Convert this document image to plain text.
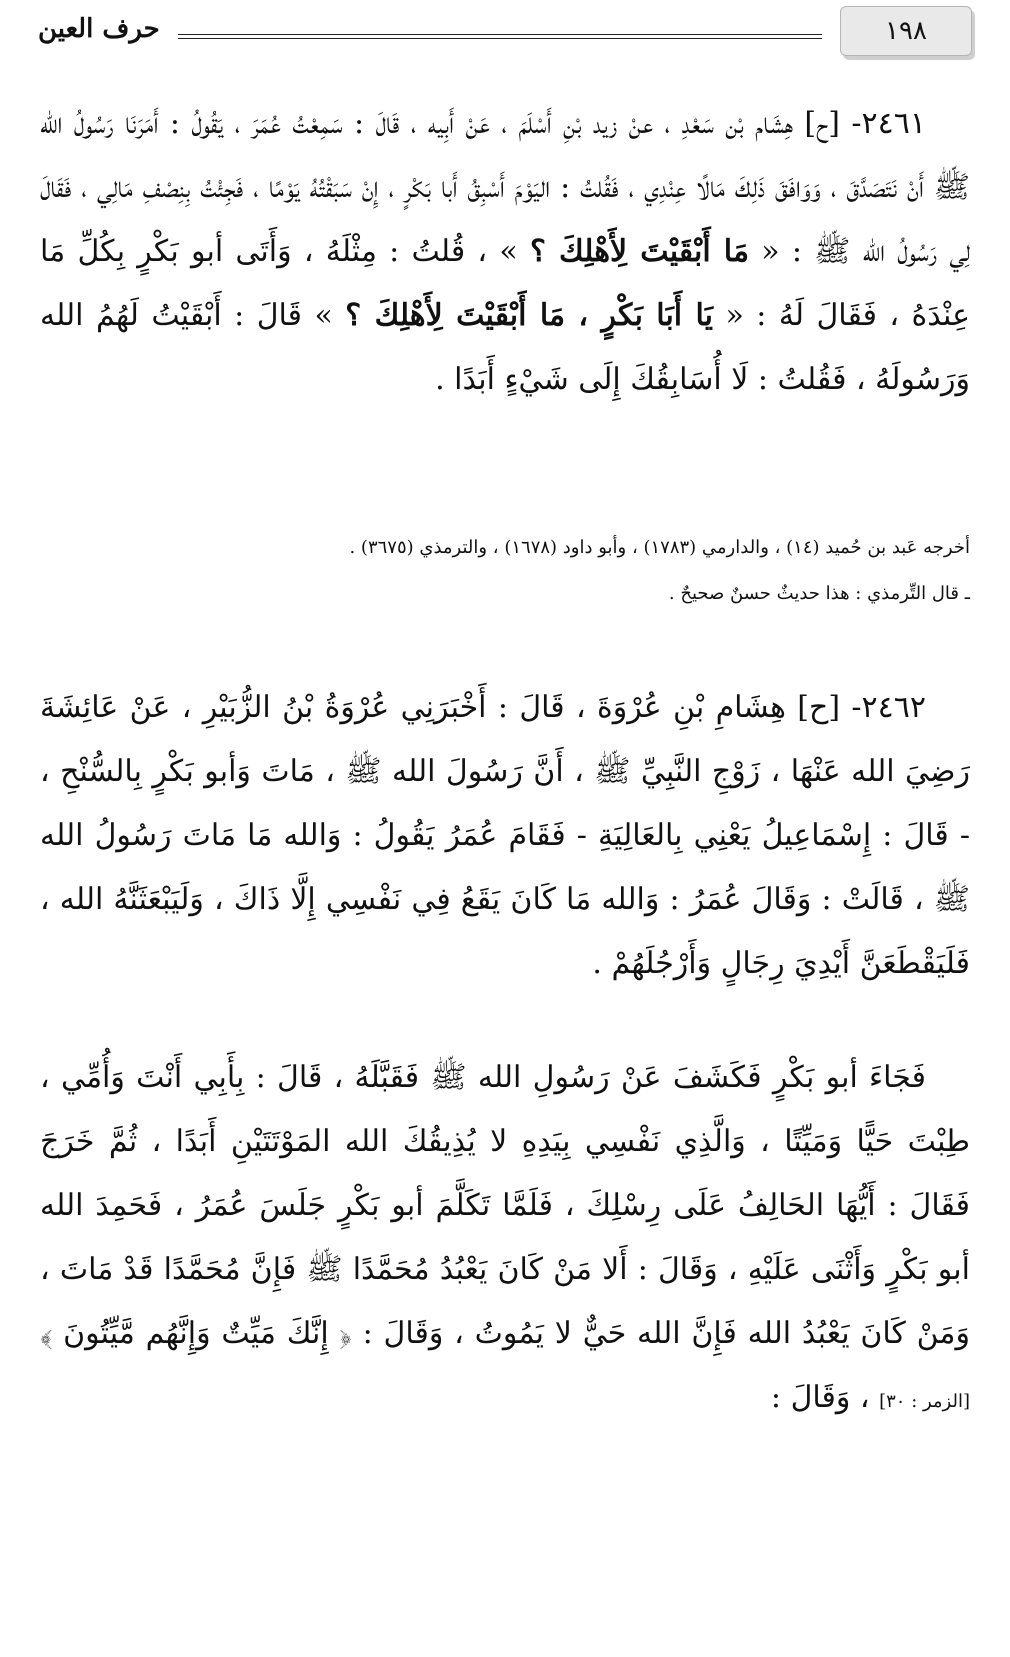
١٩٨
حرف العين

٢٤٦١- [ح] هِشَام بْن سَعْدِ ، عنْ زيد بْنِ أَسْلَمَ ، عَنْ أَبِيه ، قَالَ : سَمِعْتُ عُمَرَ ، يَقُولُ : أَمَرَنَا رَسُولُ الله ﷺ أَنْ نَتَصَدَّقَ ، وَوَافَقَ ذَلِكَ مَالًا عِنْدِي ، فَقُلتُ : اليَوْمَ أَسْبِقُ أَبا بَكْرٍ ، إِنْ سَبَقْتُهُ يَوْمًا ، فَجِئْتُ بِنِصْفِ مَالِي ، فَقَالَ لِي رَسُولُ الله ﷺ : « مَا أَبْقَيْتَ لِأَهْلِكَ ؟ » ، قُلتُ : مِثْلَهُ ، وَأَتَى أبو بَكْرٍ بِكُلِّ مَا عِنْدَهُ ، فَقَالَ لَهُ : « يَا أَبَا بَكْرٍ ، مَا أَبْقَيْتَ لِأَهْلِكَ ؟ » قَالَ : أَبْقَيْتُ لَهُمُ الله وَرَسُولَهُ ، فَقُلتُ : لَا أُسَابِقُكَ إِلَى شَيْءٍ أَبَدًا .

أخرجه عَبد بن حُميد (١٤) ، والدارمي (١٧٨٣) ، وأبو داود (١٦٧٨) ، والترمذي (٣٦٧٥) .
ـ قال التِّرمذي : هذا حديثٌ حسنٌ صحيحٌ .

٢٤٦٢- [ح] هِشَامِ بْنِ عُرْوَةَ ، قَالَ : أَخْبَرَنِي عُرْوَةُ بْنُ الزُّبَيْرِ ، عَنْ عَائِشَةَ رَضِيَ الله عَنْهَا ، زَوْجِ النَّبِيِّ ﷺ ، أَنَّ رَسُولَ الله ﷺ ، مَاتَ وَأبو بَكْرٍ بِالسُّنْحِ ، - قَالَ : إِسْمَاعِيلُ يَعْنِي بِالعَالِيَةِ - فَقَامَ عُمَرُ يَقُولُ : وَالله مَا مَاتَ رَسُولُ الله ﷺ ، قَالَتْ : وَقَالَ عُمَرُ : وَالله مَا كَانَ يَقَعُ فِي نَفْسِي إِلَّا ذَاكَ ، وَلَيَبْعَثَنَّهُ الله ، فَلَيَقْطَعَنَّ أَيْدِيَ رِجَالٍ وَأَرْجُلَهُمْ .

فَجَاءَ أبو بَكْرٍ فَكَشَفَ عَنْ رَسُولِ الله ﷺ فَقَبَّلَهُ ، قَالَ : بِأَبِي أَنْتَ وَأُمِّي ، طِبْتَ حَيًّا وَمَيِّتًا ، وَالَّذِي نَفْسِي بِيَدِهِ لا يُذِيقُكَ الله المَوْتَتَيْنِ أَبَدًا ، ثُمَّ خَرَجَ فَقَالَ : أَيُّهَا الحَالِفُ عَلَى رِسْلِكَ ، فَلَمَّا تَكَلَّمَ أبو بَكْرٍ جَلَسَ عُمَرُ ، فَحَمِدَ الله أبو بَكْرٍ وَأَثْنَى عَلَيْهِ ، وَقَالَ : أَلا مَنْ كَانَ يَعْبُدُ مُحَمَّدًا ﷺ فَإِنَّ مُحَمَّدًا قَدْ مَاتَ ، وَمَنْ كَانَ يَعْبُدُ الله فَإِنَّ الله حَيٌّ لا يَمُوتُ ، وَقَالَ : ﴿ إِنَّكَ مَيِّتٌ وَإِنَّهُم مَّيِّتُونَ ﴾ [الزمر : ٣٠] ، وَقَالَ :
